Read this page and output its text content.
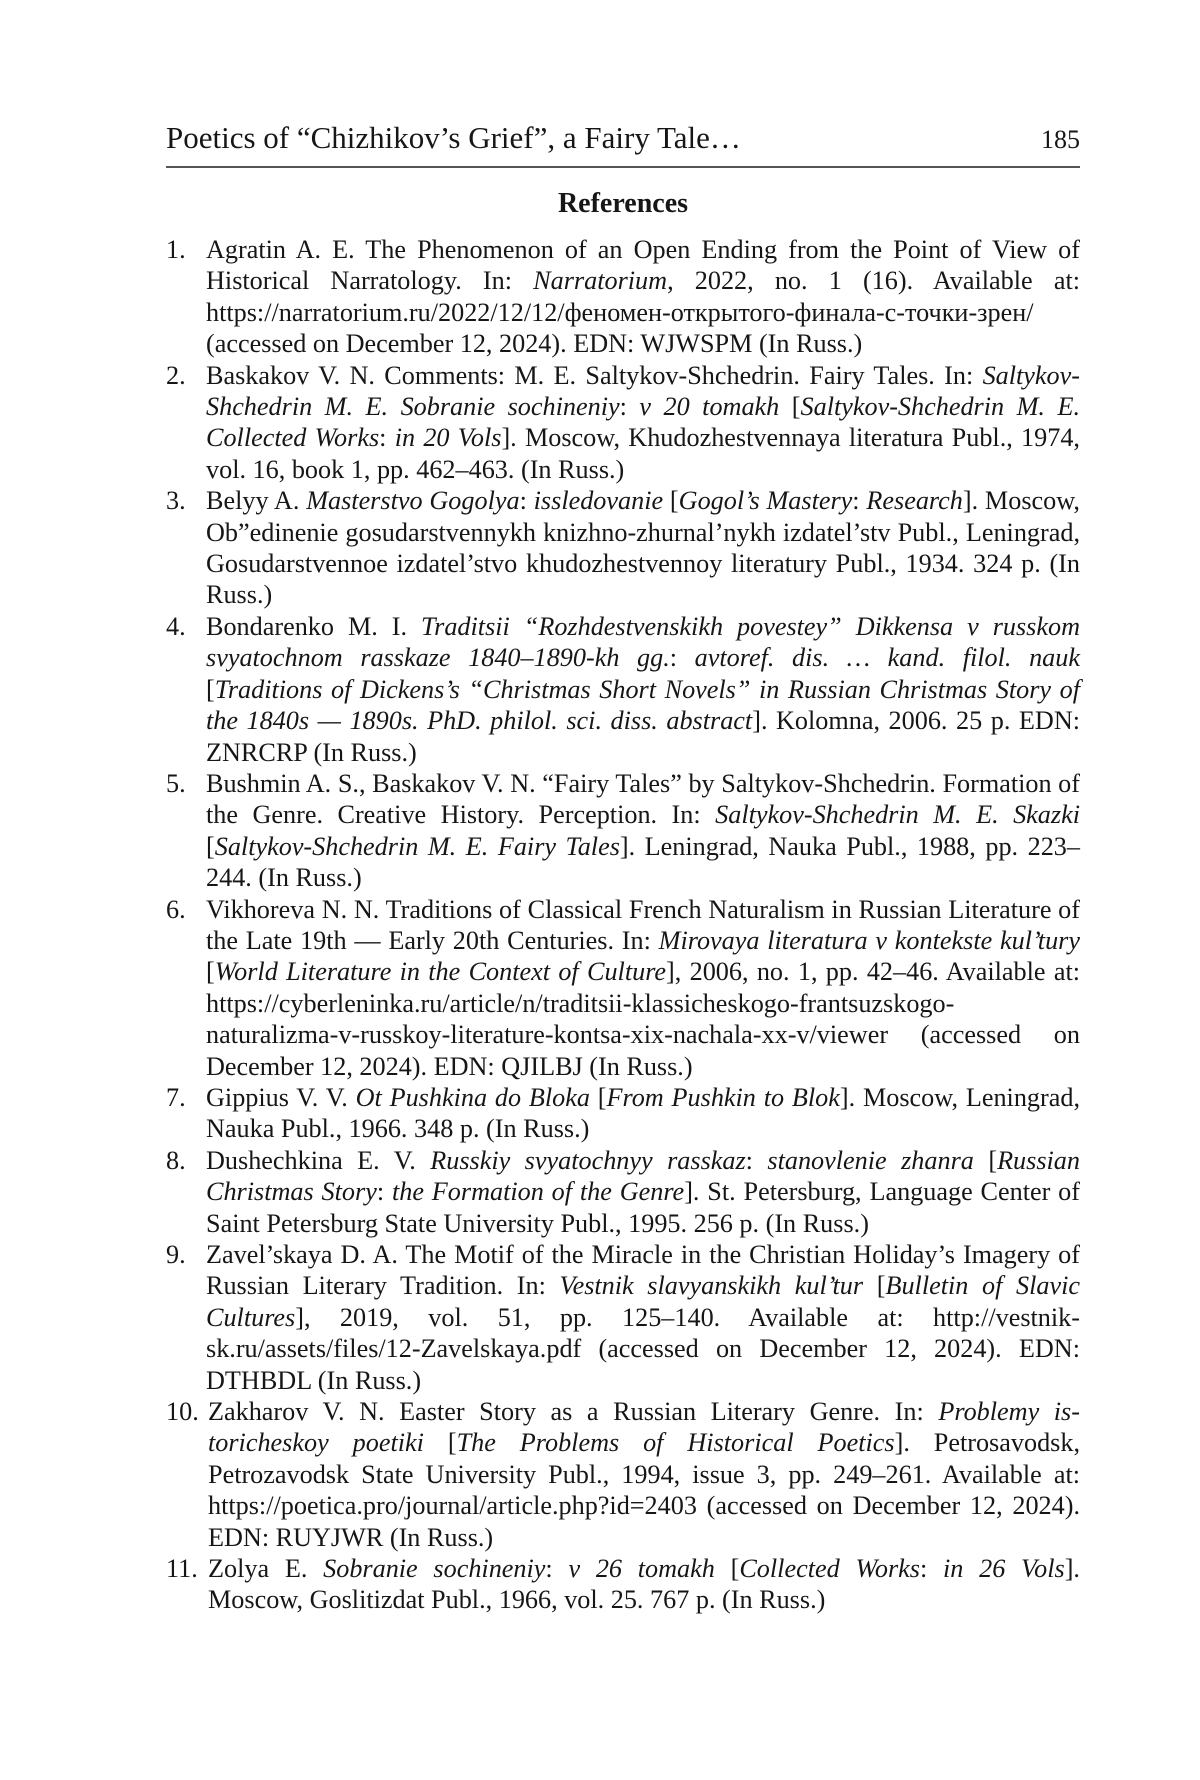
Poetics of “Chizhikov’s Grief”, a Fairy Tale…	185
References
1. Agratin A. E. The Phenomenon of an Open Ending from the Point of View of Historical Narratology. In: Narratorium, 2022, no. 1 (16). Available at: https://narratorium.ru/2022/12/12/феномен-открытого-финала-с-точки-зрен/ (accessed on December 12, 2024). EDN: WJWSPM (In Russ.)
2. Baskakov V. N. Comments: M. E. Saltykov-Shchedrin. Fairy Tales. In: Saltykov-Shchedrin M. E. Sobranie sochineniy: v 20 tomakh [Saltykov-Shchedrin M. E. Collected Works: in 20 Vols]. Moscow, Khudozhestvennaya literatura Publ., 1974, vol. 16, book 1, pp. 462–463. (In Russ.)
3. Belyy A. Masterstvo Gogolya: issledovanie [Gogol’s Mastery: Research]. Moscow, Ob”edinenie gosudarstvennykh knizhno-zhurnal’nykh izdatel’stv Publ., Leningrad, Gosudarstvennoe izdatel’stvo khudozhestvennoy literatury Publ., 1934. 324 p. (In Russ.)
4. Bondarenko M. I. Traditsii “Rozhdestvenskikh povestey” Dikkensa v russkom svyatochnom rasskaze 1840–1890-kh gg.: avtoref. dis. … kand. filol. nauk [Traditions of Dickens’s “Christmas Short Novels” in Russian Christmas Story of the 1840s — 1890s. PhD. philol. sci. diss. abstract]. Kolomna, 2006. 25 p. EDN: ZNRCRP (In Russ.)
5. Bushmin A. S., Baskakov V. N. “Fairy Tales” by Saltykov-Shchedrin. Formation of the Genre. Creative History. Perception. In: Saltykov-Shchedrin M. E. Skazki [Saltykov-Shchedrin M. E. Fairy Tales]. Leningrad, Nauka Publ., 1988, pp. 223–244. (In Russ.)
6. Vikhoreva N. N. Traditions of Classical French Naturalism in Russian Literature of the Late 19th — Early 20th Centuries. In: Mirovaya literatura v kontekste kul’tury [World Literature in the Context of Culture], 2006, no. 1, pp. 42–46. Available at: https://cyberleninka.ru/article/n/traditsii-klassicheskogo-frantsuzskogo-naturalizma-v-russkoy-literature-kontsa-xix-nachala-xx-v/viewer (accessed on December 12, 2024). EDN: QJILBJ (In Russ.)
7. Gippius V. V. Ot Pushkina do Bloka [From Pushkin to Blok]. Moscow, Leningrad, Nauka Publ., 1966. 348 p. (In Russ.)
8. Dushechkina E. V. Russkiy svyatochnyy rasskaz: stanovlenie zhanra [Russian Christmas Story: the Formation of the Genre]. St. Petersburg, Language Center of Saint Petersburg State University Publ., 1995. 256 p. (In Russ.)
9. Zavel’skaya D. A. The Motif of the Miracle in the Christian Holiday’s Imagery of Russian Literary Tradition. In: Vestnik slavyanskikh kul’tur [Bulletin of Slavic Cultures], 2019, vol. 51, pp. 125–140. Available at: http://vestnik-sk.ru/assets/files/12-Zavelskaya.pdf (accessed on December 12, 2024). EDN: DTHBDL (In Russ.)
10. Zakharov V. N. Easter Story as a Russian Literary Genre. In: Problemy istoricheskoy poetiki [The Problems of Historical Poetics]. Petrosavodsk, Petrozavodsk State University Publ., 1994, issue 3, pp. 249–261. Available at: https://poetica.pro/journal/article.php?id=2403 (accessed on December 12, 2024). EDN: RUYJWR (In Russ.)
11. Zolya E. Sobranie sochineniy: v 26 tomakh [Collected Works: in 26 Vols]. Moscow, Goslitizdat Publ., 1966, vol. 25. 767 p. (In Russ.)
